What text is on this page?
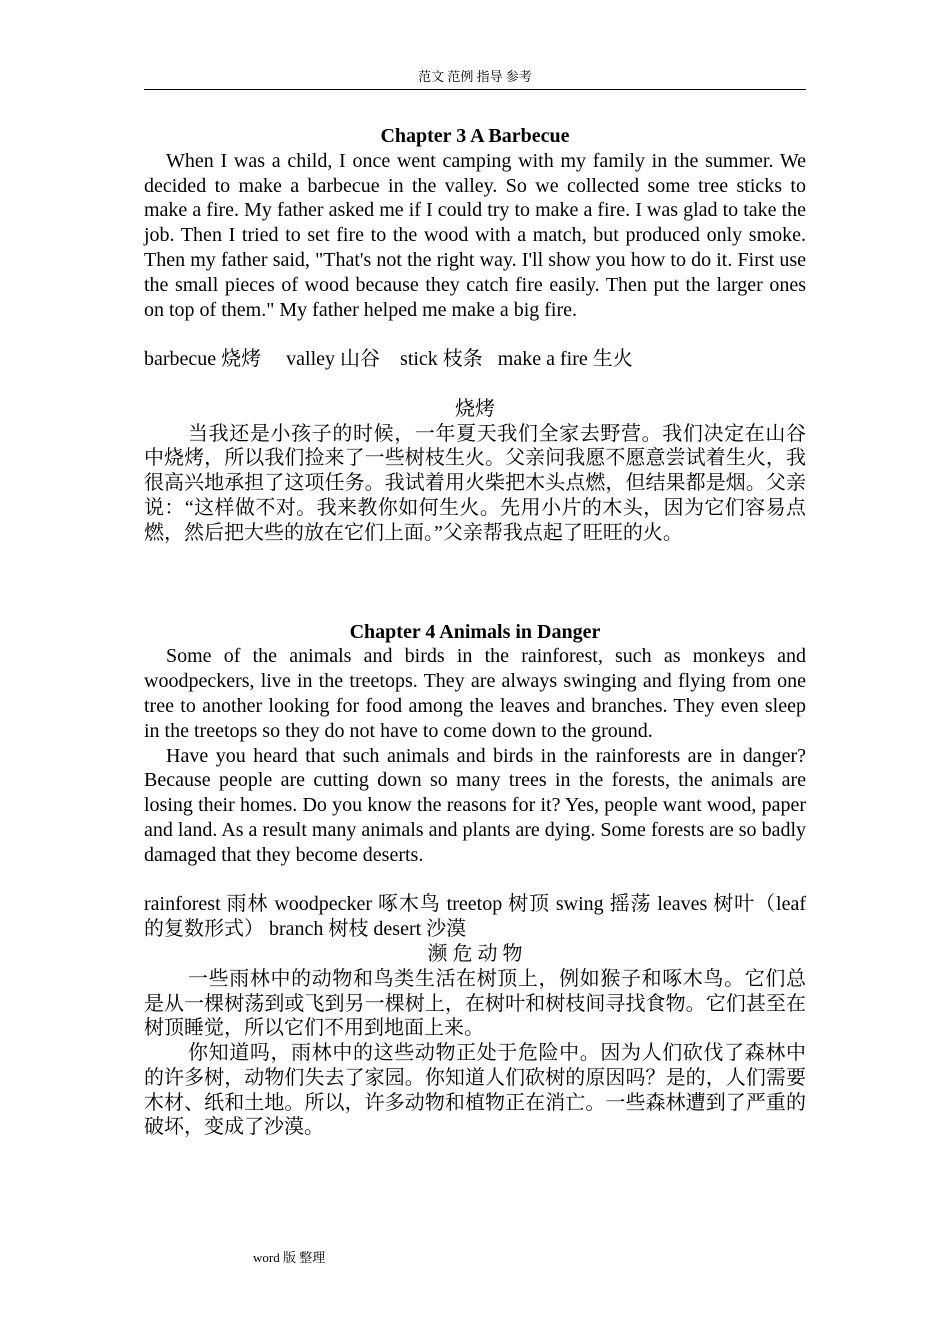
范文 范例 指导 参考

Chapter 3 A Barbecue

When I was a child, I once went camping with my family in the summer. We decided to make a barbecue in the valley. So we collected some tree sticks to make a fire. My father asked me if I could try to make a fire. I was glad to take the job. Then I tried to set fire to the wood with a match, but produced only smoke. Then my father said, "That's not the right way. I'll show you how to do it. First use the small pieces of wood because they catch fire easily. Then put the larger ones on top of them." My father helped me make a big fire.

barbecue 烧烤     valley 山谷    stick 枝条   make a fire 生火

烧烤

当我还是小孩子的时候，一年夏天我们全家去野营。我们决定在山谷中烧烤，所以我们捡来了一些树枝生火。父亲问我愿不愿意尝试着生火，我很高兴地承担了这项任务。我试着用火柴把木头点燃，但结果都是烟。父亲说：“这样做不对。我来教你如何生火。先用小片的木头，因为它们容易点燃，然后把大些的放在它们上面。”父亲帮我点起了旺旺的火。

Chapter 4 Animals in Danger

Some of the animals and birds in the rainforest, such as monkeys and woodpeckers, live in the treetops. They are always swinging and flying from one tree to another looking for food among the leaves and branches. They even sleep in the treetops so they do not have to come down to the ground.

Have you heard that such animals and birds in the rainforests are in danger? Because people are cutting down so many trees in the forests, the animals are losing their homes. Do you know the reasons for it? Yes, people want wood, paper and land. As a result many animals and plants are dying. Some forests are so badly damaged that they become deserts.

rainforest 雨林 woodpecker 啄木鸟 treetop 树顶 swing 摇荡 leaves 树叶（leaf 的复数形式） branch 树枝 desert 沙漠

濒 危 动 物

一些雨林中的动物和鸟类生活在树顶上，例如猴子和啄木鸟。它们总是从一棵树荡到或飞到另一棵树上，在树叶和树枝间寻找食物。它们甚至在树顶睡觉，所以它们不用到地面上来。

你知道吗，雨林中的这些动物正处于危险中。因为人们砍伐了森林中的许多树，动物们失去了家园。你知道人们砍树的原因吗？是的，人们需要木材、纸和土地。所以，许多动物和植物正在消亡。一些森林遭到了严重的破坏，变成了沙漠。

word 版 整理
